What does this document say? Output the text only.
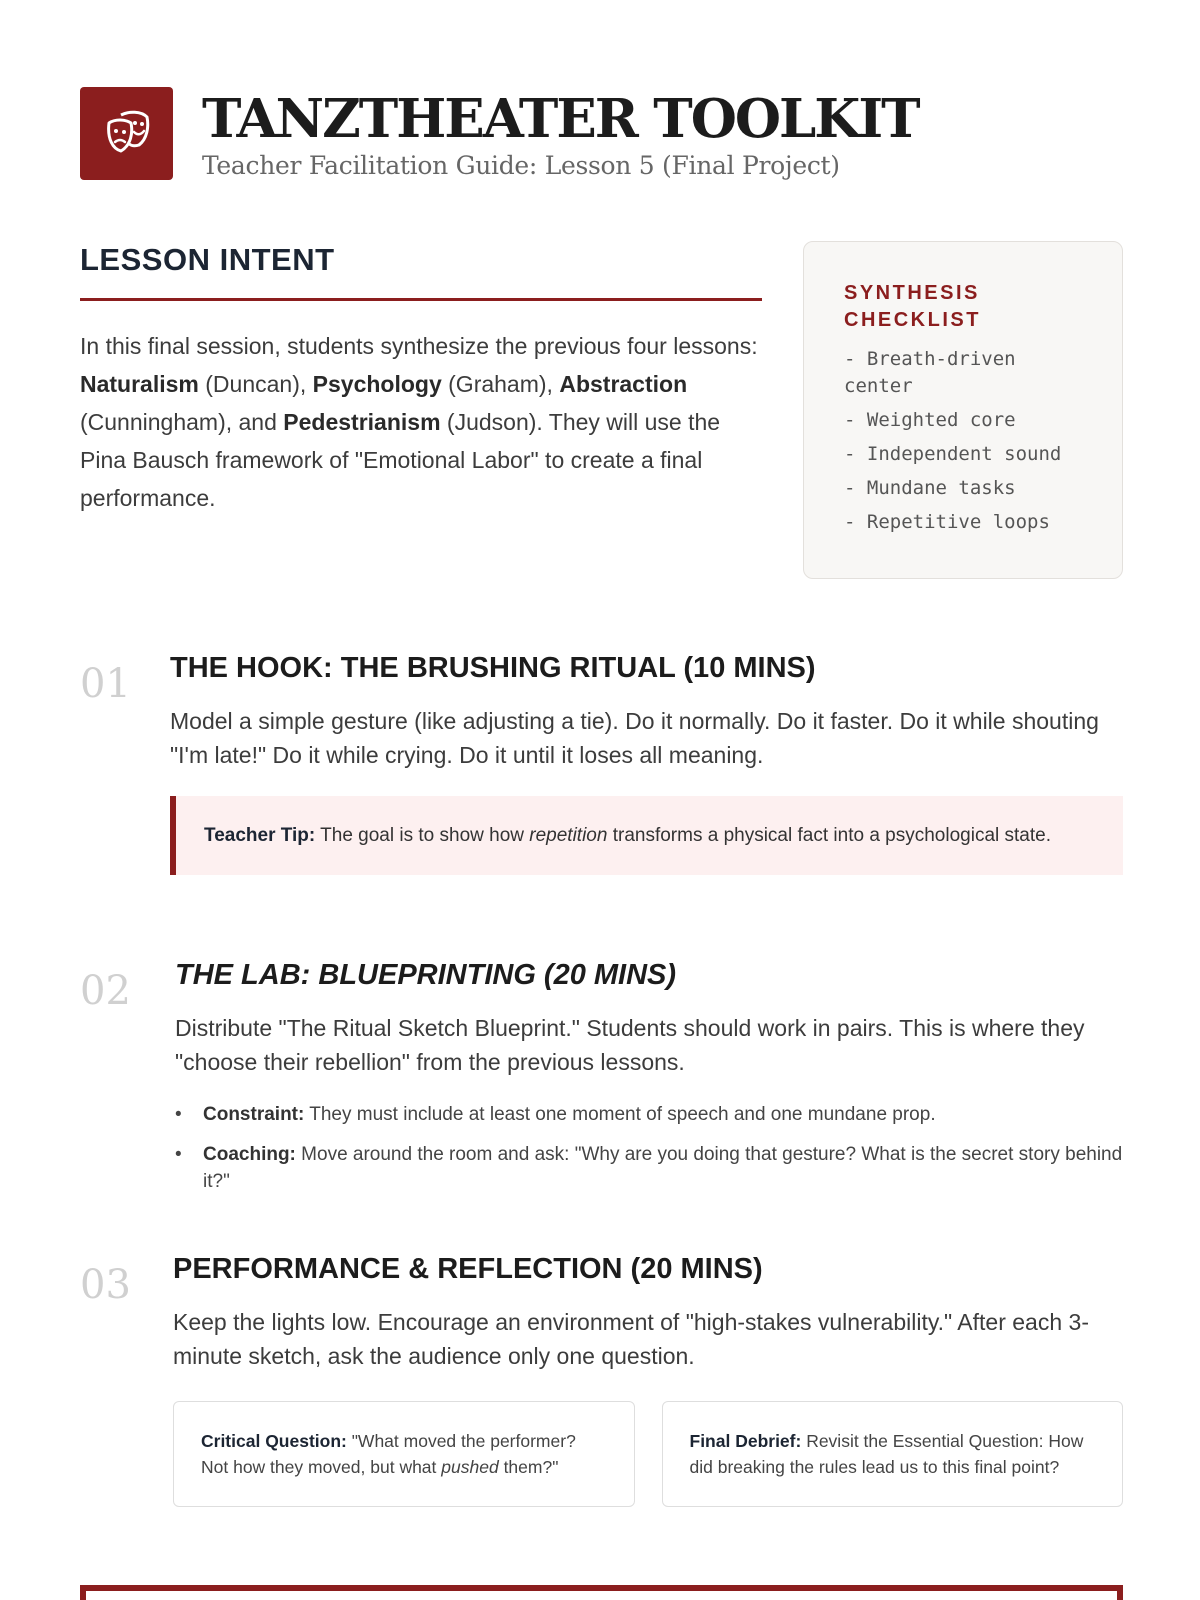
TANZTHEATER TOOLKIT
Teacher Facilitation Guide: Lesson 5 (Final Project)
LESSON INTENT

In this final session, students synthesize the previous four lessons: Naturalism (Duncan), Psychology (Graham), Abstraction (Cunningham), and Pedestrianism (Judson). They will use the Pina Bausch framework of "Emotional Labor" to create a final performance.

SYNTHESIS CHECKLIST
- Breath-driven center
- Weighted core
- Independent sound
- Mundane tasks
- Repetitive loops
01 THE HOOK: THE BRUSHING RITUAL (10 MINS)

Model a simple gesture (like adjusting a tie). Do it normally. Do it faster. Do it while shouting "I'm late!" Do it while crying. Do it until it loses all meaning.

Teacher Tip: The goal is to show how repetition transforms a physical fact into a psychological state.
02 THE LAB: BLUEPRINTING (20 MINS)

Distribute "The Ritual Sketch Blueprint." Students should work in pairs. This is where they "choose their rebellion" from the previous lessons.

• Constraint: They must include at least one moment of speech and one mundane prop.
• Coaching: Move around the room and ask: "Why are you doing that gesture? What is the secret story behind it?"
03 PERFORMANCE & REFLECTION (20 MINS)

Keep the lights low. Encourage an environment of "high-stakes vulnerability." After each 3-minute sketch, ask the audience only one question.

Critical Question: "What moved the performer? Not how they moved, but what pushed them?"
Final Debrief: Revisit the Essential Question: How did breaking the rules lead us to this final point?
